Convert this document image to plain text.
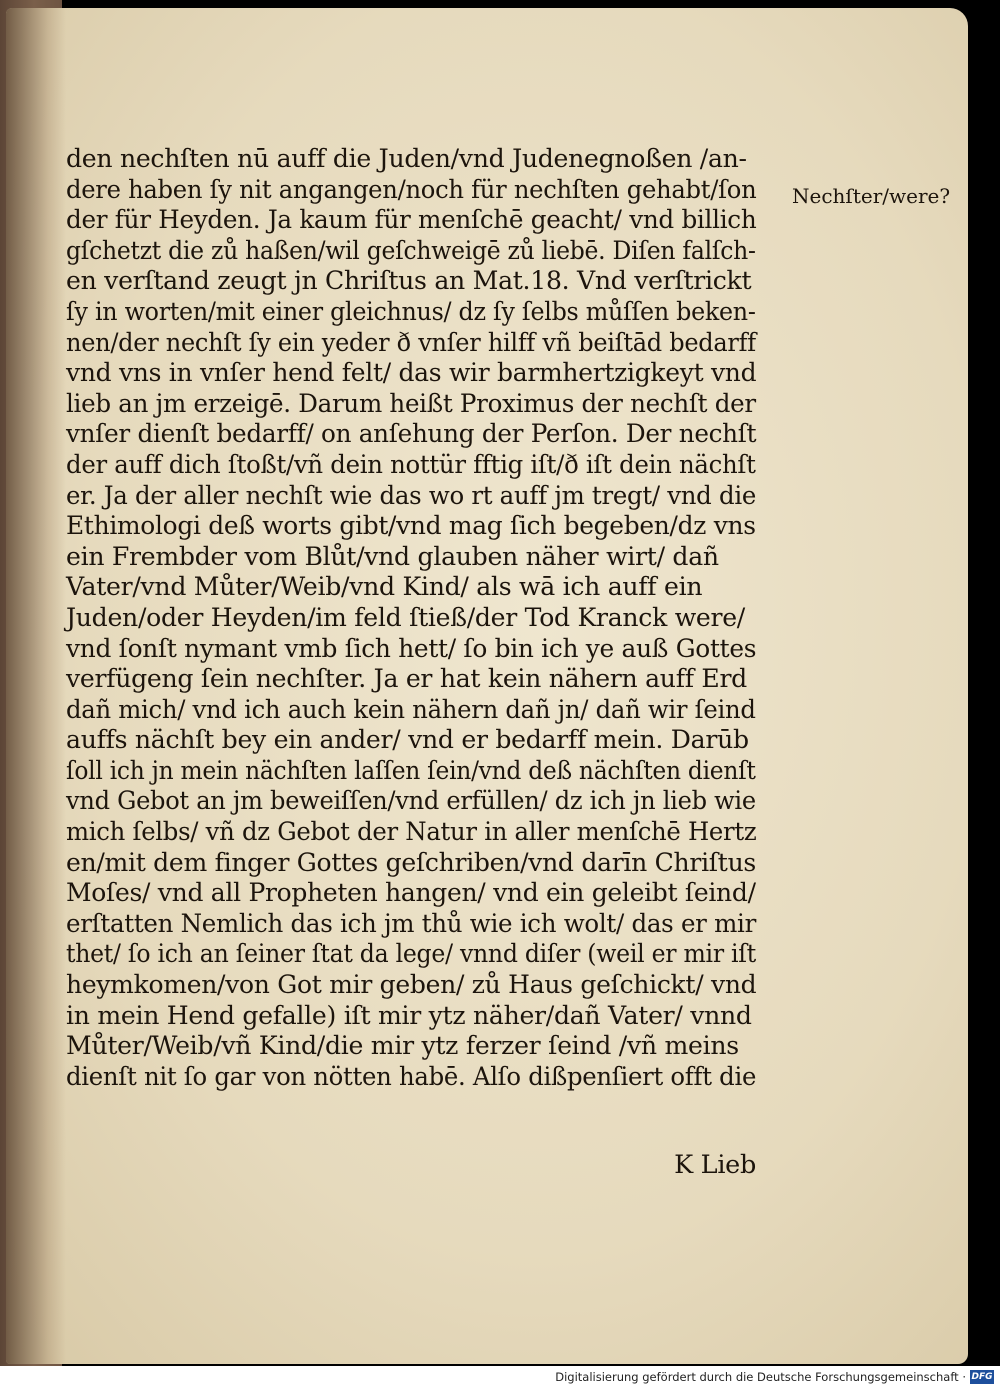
den nechſten nū auff die Juden/vnd Judenegnoßen /an-
dere haben ſy nit angangen/noch für nechſten gehabt/ſon
der für Heyden. Ja kaum für menſchē geacht/ vnd billich
gſchetzt die zů haßen/wil geſchweigē zů liebē. Diſen falſch-
en verſtand zeugt jn Chriſtus an Mat.18. Vnd verſtrickt
ſy in worten/mit einer gleichnus/ dz ſy ſelbs můſſen beken-
nen/der nechſt ſy ein yeder ð vnſer hilff vñ beiſtād bedarff
vnd vns in vnſer hend felt/ das wir barmhertzigkeyt vnd
lieb an jm erzeigē. Darum heißt Proximus der nechſt der
vnſer dienſt bedarff/ on anſehung der Perſon. Der nechſt
der auff dich ſtoßt/vñ dein nottür fftig iſt/ð iſt dein nächſt
er. Ja der aller nechſt wie das wo rt auff jm tregt/ vnd die
Ethimologi deß worts gibt/vnd mag ſich begeben/dz vns
ein Frembder vom Blůt/vnd glauben näher wirt/ dañ
Vater/vnd Můter/Weib/vnd Kind/ als wā ich auff ein
Juden/oder Heyden/im feld ſtieß/der Tod Kranck were/
vnd ſonſt nymant vmb ſich hett/ ſo bin ich ye auß Gottes
verfügeng ſein nechſter. Ja er hat kein nähern auff Erd
dañ mich/ vnd ich auch kein nähern dañ jn/ dañ wir ſeind
auffs nächſt bey ein ander/ vnd er bedarff mein. Darūb
ſoll ich jn mein nächſten laſſen ſein/vnd deß nächſten dienſt
vnd Gebot an jm beweiſſen/vnd erfüllen/ dz ich jn lieb wie
mich ſelbs/ vñ dz Gebot der Natur in aller menſchē Hertz
en/mit dem finger Gottes geſchriben/vnd darīn Chriſtus
Moſes/ vnd all Propheten hangen/ vnd ein geleibt ſeind/
erſtatten Nemlich das ich jm thů wie ich wolt/ das er mir
thet/ ſo ich an ſeiner ſtat da lege/ vnnd diſer (weil er mir iſt
heymkomen/von Got mir geben/ zů Haus geſchickt/ vnd
in mein Hend gefalle) iſt mir ytz näher/dañ Vater/ vnnd
Můter/Weib/vñ Kind/die mir ytz ferzer ſeind /vñ meins
dienſt nit ſo gar von nötten habē. Alſo dißpenſiert offt die
K Lieb
Nechſter/were?
Digitalisierung gefördert durch die Deutsche Forschungsgemeinschaft · DFG
